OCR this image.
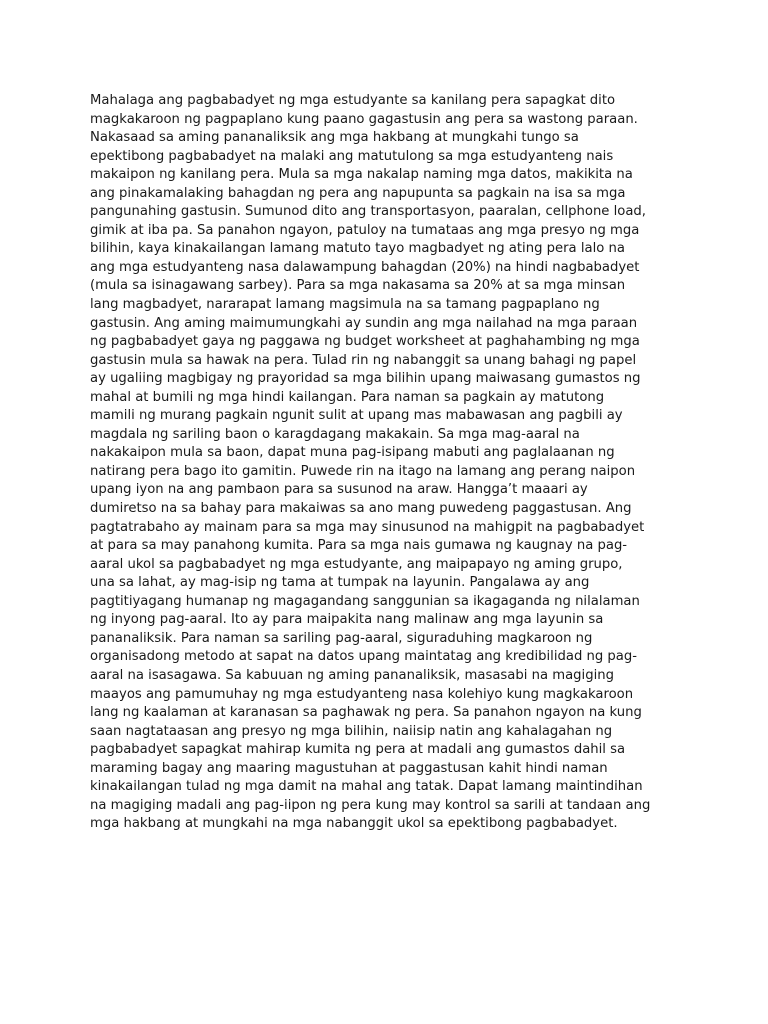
Mahalaga ang pagbabadyet ng mga estudyante sa kanilang pera sapagkat dito
magkakaroon ng pagpaplano kung paano gagastusin ang pera sa wastong paraan.
Nakasaad sa aming pananaliksik ang mga hakbang at mungkahi tungo sa
epektibong pagbabadyet na malaki ang matutulong sa mga estudyanteng nais
makaipon ng kanilang pera. Mula sa mga nakalap naming mga datos, makikita na
ang pinakamalaking bahagdan ng pera ang napupunta sa pagkain na isa sa mga
pangunahing gastusin. Sumunod dito ang transportasyon, paaralan, cellphone load,
gimik at iba pa. Sa panahon ngayon, patuloy na tumataas ang mga presyo ng mga
bilihin, kaya kinakailangan lamang matuto tayo magbadyet ng ating pera lalo na
ang mga estudyanteng nasa dalawampung bahagdan (20%) na hindi nagbabadyet
(mula sa isinagawang sarbey). Para sa mga nakasama sa 20% at sa mga minsan
lang magbadyet, nararapat lamang magsimula na sa tamang pagpaplano ng
gastusin. Ang aming maimumungkahi ay sundin ang mga nailahad na mga paraan
ng pagbabadyet gaya ng paggawa ng budget worksheet at paghahambing ng mga
gastusin mula sa hawak na pera. Tulad rin ng nabanggit sa unang bahagi ng papel
ay ugaliing magbigay ng prayoridad sa mga bilihin upang maiwasang gumastos ng
mahal at bumili ng mga hindi kailangan. Para naman sa pagkain ay matutong
mamili ng murang pagkain ngunit sulit at upang mas mabawasan ang pagbili ay
magdala ng sariling baon o karagdagang makakain. Sa mga mag-aaral na
nakakaipon mula sa baon, dapat muna pag-isipang mabuti ang paglalaanan ng
natirang pera bago ito gamitin. Puwede rin na itago na lamang ang perang naipon
upang iyon na ang pambaon para sa susunod na araw. Hangga’t maaari ay
dumiretso na sa bahay para makaiwas sa ano mang puwedeng paggastusan. Ang
pagtatrabaho ay mainam para sa mga may sinusunod na mahigpit na pagbabadyet
at para sa may panahong kumita. Para sa mga nais gumawa ng kaugnay na pag-
aaral ukol sa pagbabadyet ng mga estudyante, ang maipapayo ng aming grupo,
una sa lahat, ay mag-isip ng tama at tumpak na layunin. Pangalawa ay ang
pagtitiyagang humanap ng magagandang sanggunian sa ikagaganda ng nilalaman
ng inyong pag-aaral. Ito ay para maipakita nang malinaw ang mga layunin sa
pananaliksik. Para naman sa sariling pag-aaral, siguraduhing magkaroon ng
organisadong metodo at sapat na datos upang maintatag ang kredibilidad ng pag-
aaral na isasagawa. Sa kabuuan ng aming pananaliksik, masasabi na magiging
maayos ang pamumuhay ng mga estudyanteng nasa kolehiyo kung magkakaroon
lang ng kaalaman at karanasan sa paghawak ng pera. Sa panahon ngayon na kung
saan nagtataasan ang presyo ng mga bilihin, naiisip natin ang kahalagahan ng
pagbabadyet sapagkat mahirap kumita ng pera at madali ang gumastos dahil sa
maraming bagay ang maaring magustuhan at paggastusan kahit hindi naman
kinakailangan tulad ng mga damit na mahal ang tatak. Dapat lamang maintindihan
na magiging madali ang pag-iipon ng pera kung may kontrol sa sarili at tandaan ang
mga hakbang at mungkahi na mga nabanggit ukol sa epektibong pagbabadyet.
